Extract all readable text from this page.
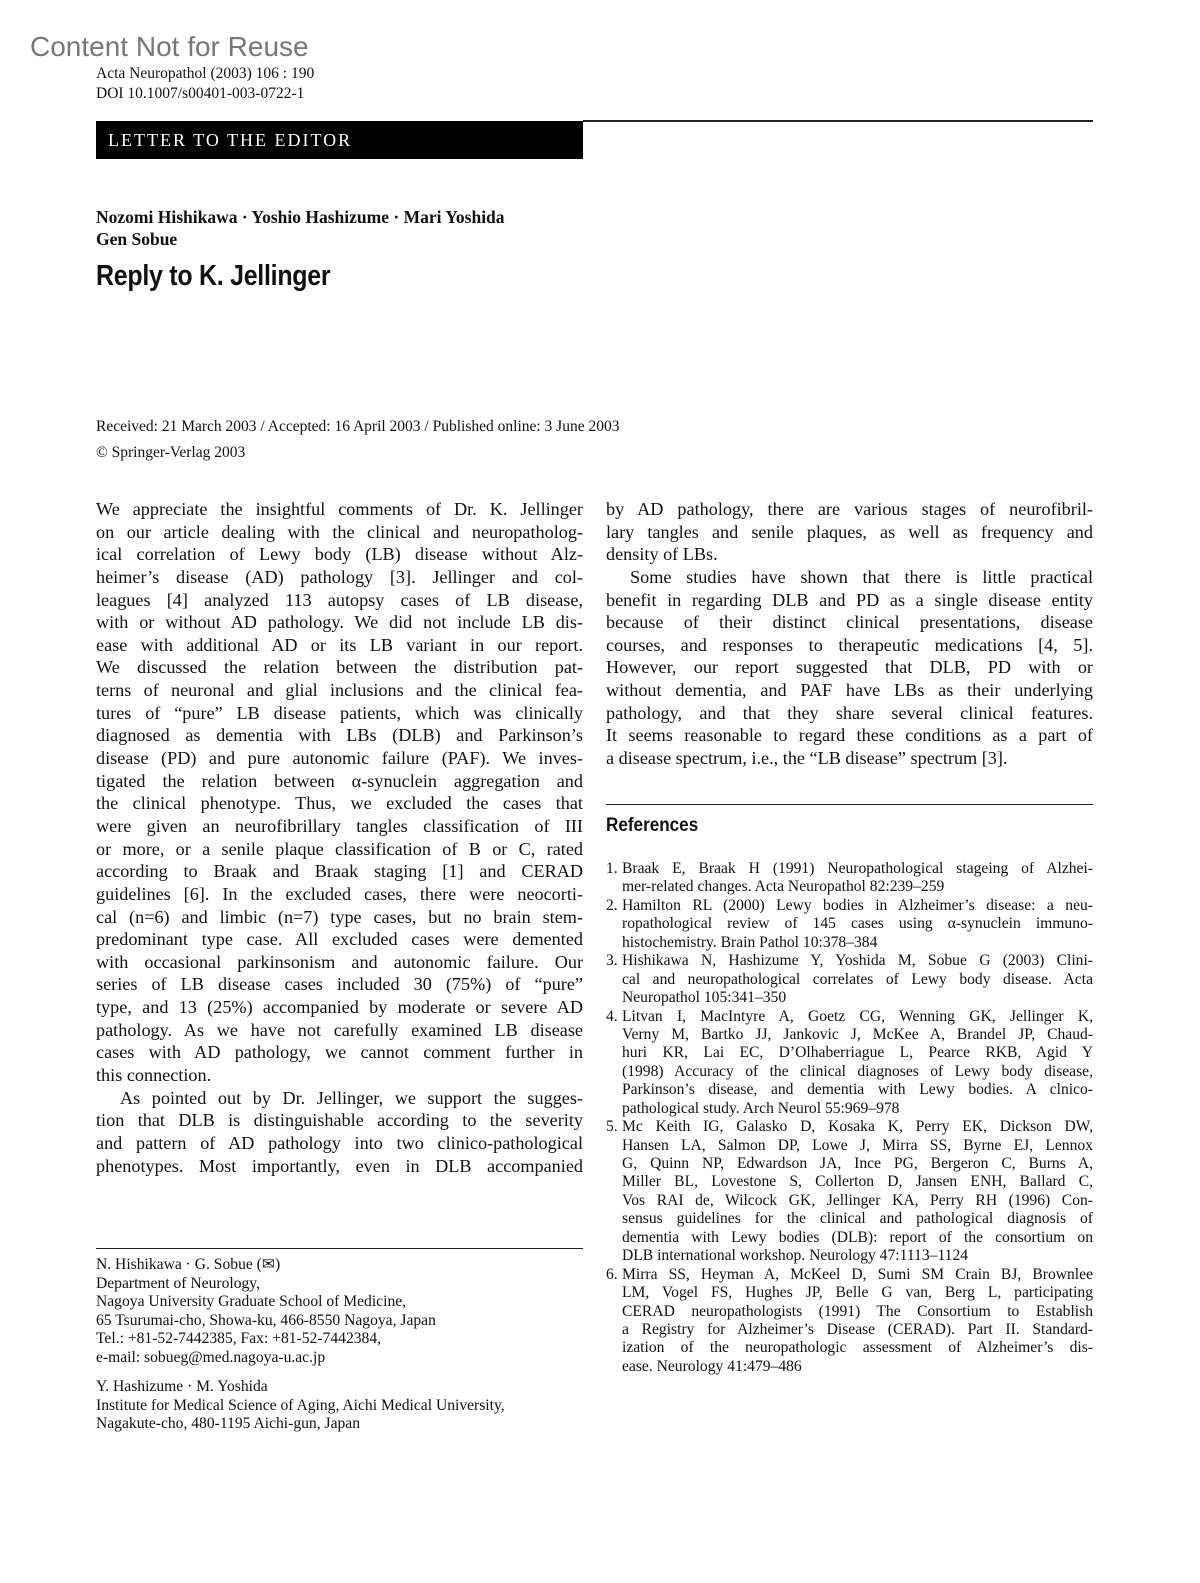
Content Not for Reuse
Acta Neuropathol (2003) 106 : 190
DOI 10.1007/s00401-003-0722-1
LETTER TO THE EDITOR
Nozomi Hishikawa · Yoshio Hashizume · Mari Yoshida
Gen Sobue
Reply to K. Jellinger
Received: 21 March 2003 / Accepted: 16 April 2003 / Published online: 3 June 2003
© Springer-Verlag 2003
We appreciate the insightful comments of Dr. K. Jellinger
on our article dealing with the clinical and neuropatholog-
ical correlation of Lewy body (LB) disease without Alz-
heimer’s disease (AD) pathology [3]. Jellinger and col-
leagues [4] analyzed 113 autopsy cases of LB disease,
with or without AD pathology. We did not include LB dis-
ease with additional AD or its LB variant in our report.
We discussed the relation between the distribution pat-
terns of neuronal and glial inclusions and the clinical fea-
tures of “pure” LB disease patients, which was clinically
diagnosed as dementia with LBs (DLB) and Parkinson’s
disease (PD) and pure autonomic failure (PAF). We inves-
tigated the relation between α-synuclein aggregation and
the clinical phenotype. Thus, we excluded the cases that
were given an neurofibrillary tangles classification of III
or more, or a senile plaque classification of B or C, rated
according to Braak and Braak staging [1] and CERAD
guidelines [6]. In the excluded cases, there were neocorti-
cal (n=6) and limbic (n=7) type cases, but no brain stem-
predominant type case. All excluded cases were demented
with occasional parkinsonism and autonomic failure. Our
series of LB disease cases included 30 (75%) of “pure”
type, and 13 (25%) accompanied by moderate or severe AD
pathology. As we have not carefully examined LB disease
cases with AD pathology, we cannot comment further in
this connection.
As pointed out by Dr. Jellinger, we support the sugges-
tion that DLB is distinguishable according to the severity
and pattern of AD pathology into two clinico-pathological
phenotypes. Most importantly, even in DLB accompanied
by AD pathology, there are various stages of neurofibril-
lary tangles and senile plaques, as well as frequency and
density of LBs.
Some studies have shown that there is little practical
benefit in regarding DLB and PD as a single disease entity
because of their distinct clinical presentations, disease
courses, and responses to therapeutic medications [4, 5].
However, our report suggested that DLB, PD with or
without dementia, and PAF have LBs as their underlying
pathology, and that they share several clinical features.
It seems reasonable to regard these conditions as a part of
a disease spectrum, i.e., the “LB disease” spectrum [3].
References
1. Braak E, Braak H (1991) Neuropathological stageing of Alzhei-
mer-related changes. Acta Neuropathol 82:239–259
2. Hamilton RL (2000) Lewy bodies in Alzheimer’s disease: a neu-
ropathological review of 145 cases using α-synuclein immuno-
histochemistry. Brain Pathol 10:378–384
3. Hishikawa N, Hashizume Y, Yoshida M, Sobue G (2003) Clini-
cal and neuropathological correlates of Lewy body disease. Acta
Neuropathol 105:341–350
4. Litvan I, MacIntyre A, Goetz CG, Wenning GK, Jellinger K,
Verny M, Bartko JJ, Jankovic J, McKee A, Brandel JP, Chaud-
huri KR, Lai EC, D’Olhaberriague L, Pearce RKB, Agid Y
(1998) Accuracy of the clinical diagnoses of Lewy body disease,
Parkinson’s disease, and dementia with Lewy bodies. A clnico-
pathological study. Arch Neurol 55:969–978
5. Mc Keith IG, Galasko D, Kosaka K, Perry EK, Dickson DW,
Hansen LA, Salmon DP, Lowe J, Mirra SS, Byrne EJ, Lennox
G, Quinn NP, Edwardson JA, Ince PG, Bergeron C, Burns A,
Miller BL, Lovestone S, Collerton D, Jansen ENH, Ballard C,
Vos RAI de, Wilcock GK, Jellinger KA, Perry RH (1996) Con-
sensus guidelines for the clinical and pathological diagnosis of
dementia with Lewy bodies (DLB): report of the consortium on
DLB international workshop. Neurology 47:1113–1124
6. Mirra SS, Heyman A, McKeel D, Sumi SM Crain BJ, Brownlee
LM, Vogel FS, Hughes JP, Belle G van, Berg L, participating
CERAD neuropathologists (1991) The Consortium to Establish
a Registry for Alzheimer’s Disease (CERAD). Part II. Standard-
ization of the neuropathologic assessment of Alzheimer’s dis-
ease. Neurology 41:479–486
N. Hishikawa · G. Sobue (✉)
Department of Neurology,
Nagoya University Graduate School of Medicine,
65 Tsurumai-cho, Showa-ku, 466-8550 Nagoya, Japan
Tel.: +81-52-7442385, Fax: +81-52-7442384,
e-mail: sobueg@med.nagoya-u.ac.jp
Y. Hashizume · M. Yoshida
Institute for Medical Science of Aging, Aichi Medical University,
Nagakute-cho, 480-1195 Aichi-gun, Japan
